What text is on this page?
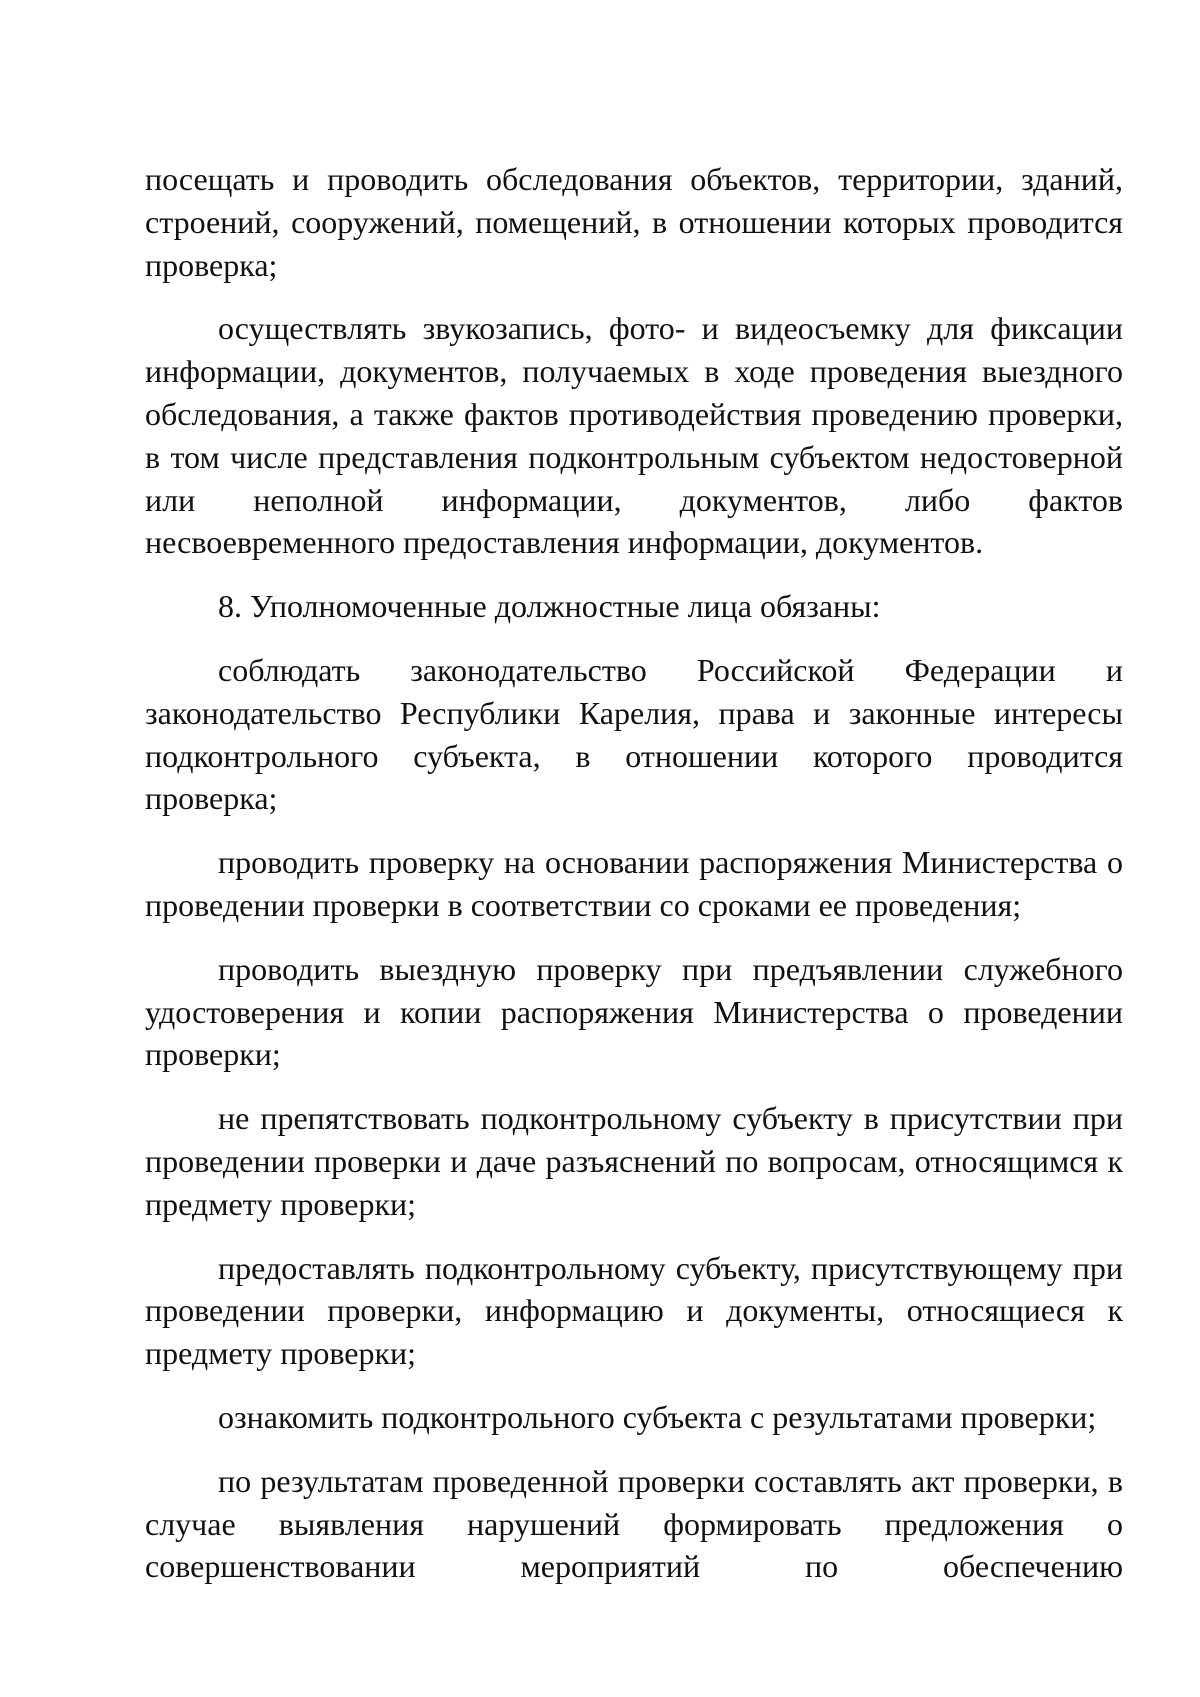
посещать и проводить обследования объектов, территории, зданий, строений, сооружений, помещений, в отношении которых проводится проверка;

осуществлять звукозапись, фото- и видеосъемку для фиксации информации, документов, получаемых в ходе проведения выездного обследования, а также фактов противодействия проведению проверки, в том числе представления подконтрольным субъектом недостоверной или неполной информации, документов, либо фактов несвоевременного предоставления информации, документов.

8. Уполномоченные должностные лица обязаны:

соблюдать законодательство Российской Федерации и законодательство Республики Карелия, права и законные интересы подконтрольного субъекта, в отношении которого проводится проверка;

проводить проверку на основании распоряжения Министерства о проведении проверки в соответствии со сроками ее проведения;

проводить выездную проверку при предъявлении служебного удостоверения и копии распоряжения Министерства о проведении проверки;

не препятствовать подконтрольному субъекту в присутствии при проведении проверки и даче разъяснений по вопросам, относящимся к предмету проверки;

предоставлять подконтрольному субъекту, присутствующему при проведении проверки, информацию и документы, относящиеся к предмету проверки;

ознакомить подконтрольного субъекта с результатами проверки;

по результатам проведенной проверки составлять акт проверки, в случае выявления нарушений формировать предложения о совершенствовании мероприятий по обеспечению
